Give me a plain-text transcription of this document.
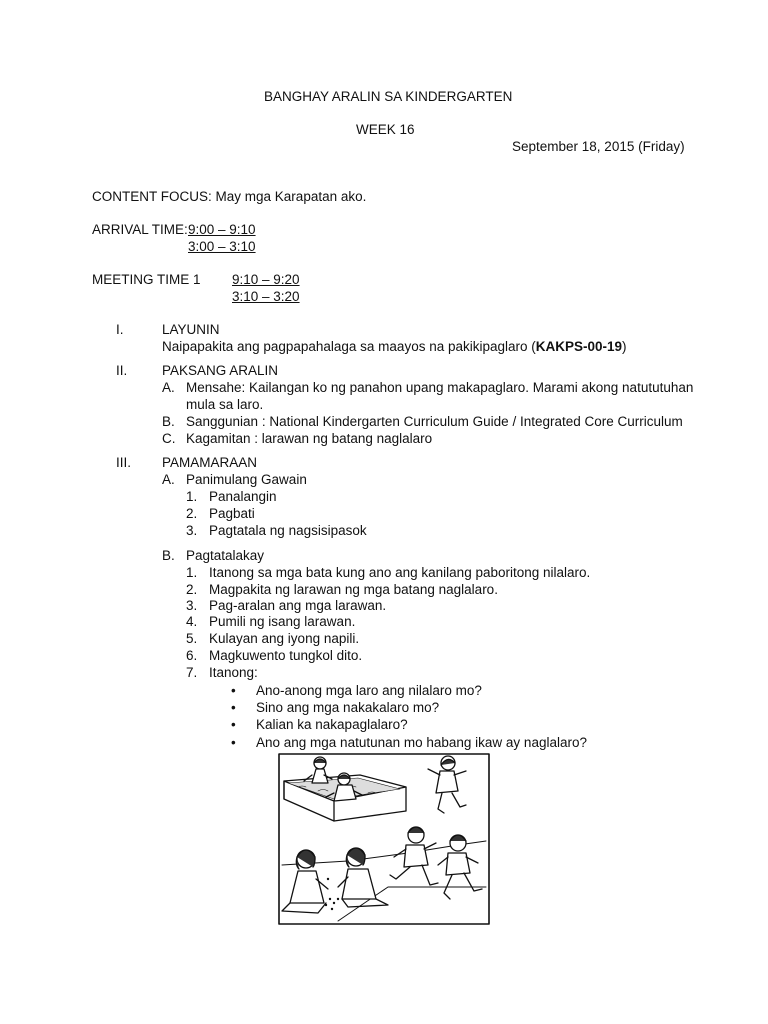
BANGHAY ARALIN SA KINDERGARTEN
WEEK 16
September 18, 2015 (Friday)
CONTENT FOCUS: May mga Karapatan ako.
ARRIVAL TIME: 9:00 – 9:10
3:00 – 3:10
MEETING TIME 1 9:10 – 9:20
3:10 – 3:20
I.	LAYUNIN
Naipapakita ang pagpapahalaga sa maayos na pakikipaglaro (KAKPS-00-19)
II.	PAKSANG ARALIN
A. Mensahe: Kailangan ko ng panahon upang makapaglaro. Marami akong natututuhan
mula sa laro.
B. Sanggunian : National Kindergarten Curriculum Guide / Integrated Core Curriculum
C. Kagamitan : larawan ng batang naglalaro
III. PAMAMARAAN
A. Panimulang Gawain
1. Panalangin
2. Pagbati
3. Pagtatala ng nagsisipasok
B. Pagtatalakay
1. Itanong sa mga bata kung ano ang kanilang paboritong nilalaro.
2. Magpakita ng larawan ng mga batang naglalaro.
3. Pag-aralan ang mga larawan.
4. Pumili ng isang larawan.
5. Kulayan ang iyong napili.
6. Magkuwento tungkol dito.
7. Itanong:
• Ano-anong mga laro ang nilalaro mo?
• Sino ang mga nakakalaro mo?
• Kalian ka nakapaglalaro?
• Ano ang mga natutunan mo habang ikaw ay naglalaro?
